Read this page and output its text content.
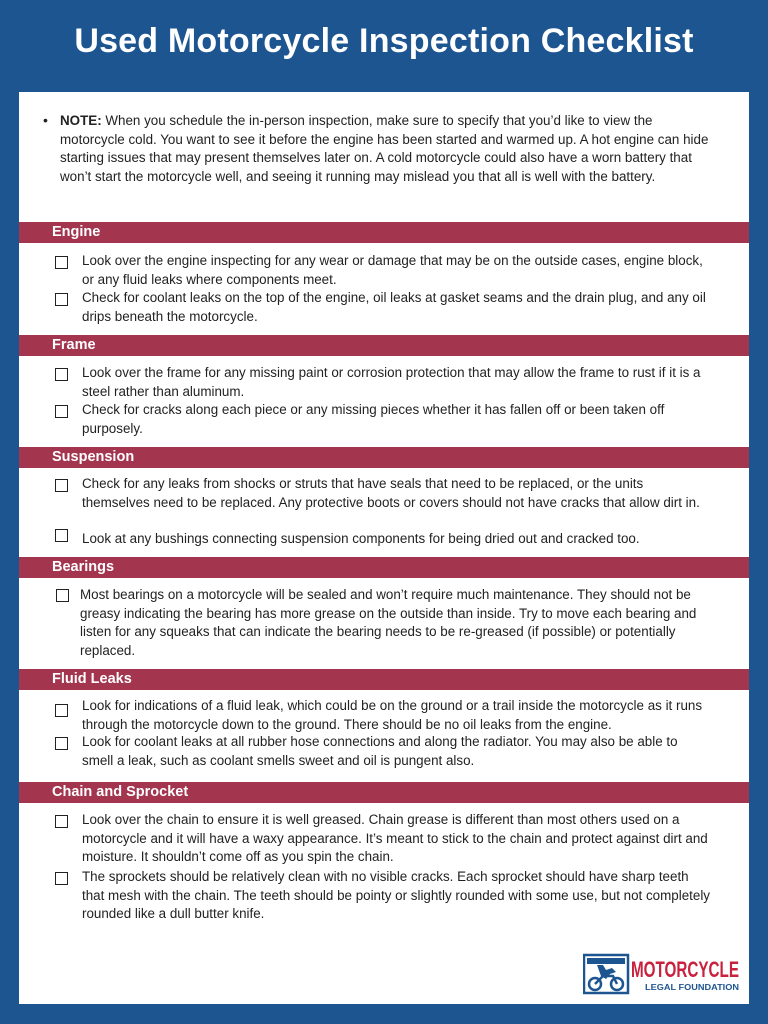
Used Motorcycle Inspection Checklist
• NOTE: When you schedule the in-person inspection, make sure to specify that you’d like to view the motorcycle cold. You want to see it before the engine has been started and warmed up. A hot engine can hide starting issues that may present themselves later on. A cold motorcycle could also have a worn battery that won’t start the motorcycle well, and seeing it running may mislead you that all is well with the battery.
Engine
Look over the engine inspecting for any wear or damage that may be on the outside cases, engine block, or any fluid leaks where components meet.
Check for coolant leaks on the top of the engine, oil leaks at gasket seams and the drain plug, and any oil drips beneath the motorcycle.
Frame
Look over the frame for any missing paint or corrosion protection that may allow the frame to rust if it is a steel rather than aluminum.
Check for cracks along each piece or any missing pieces whether it has fallen off or been taken off purposely.
Suspension
Check for any leaks from shocks or struts that have seals that need to be replaced, or the units themselves need to be replaced. Any protective boots or covers should not have cracks that allow dirt in.
Look at any bushings connecting suspension components for being dried out and cracked too.
Bearings
Most bearings on a motorcycle will be sealed and won’t require much maintenance. They should not be greasy indicating the bearing has more grease on the outside than inside. Try to move each bearing and listen for any squeaks that can indicate the bearing needs to be re-greased (if possible) or potentially replaced.
Fluid Leaks
Look for indications of a fluid leak, which could be on the ground or a trail inside the motorcycle as it runs through the motorcycle down to the ground. There should be no oil leaks from the engine.
Look for coolant leaks at all rubber hose connections and along the radiator. You may also be able to smell a leak, such as coolant smells sweet and oil is pungent also.
Chain and Sprocket
Look over the chain to ensure it is well greased. Chain grease is different than most others used on a motorcycle and it will have a waxy appearance. It’s meant to stick to the chain and protect against dirt and moisture. It shouldn’t come off as you spin the chain.
The sprockets should be relatively clean with no visible cracks. Each sprocket should have sharp teeth that mesh with the chain. The teeth should be pointy or slightly rounded with some use, but not completely rounded like a dull butter knife.
MOTORCYCLE
LEGAL FOUNDATION
